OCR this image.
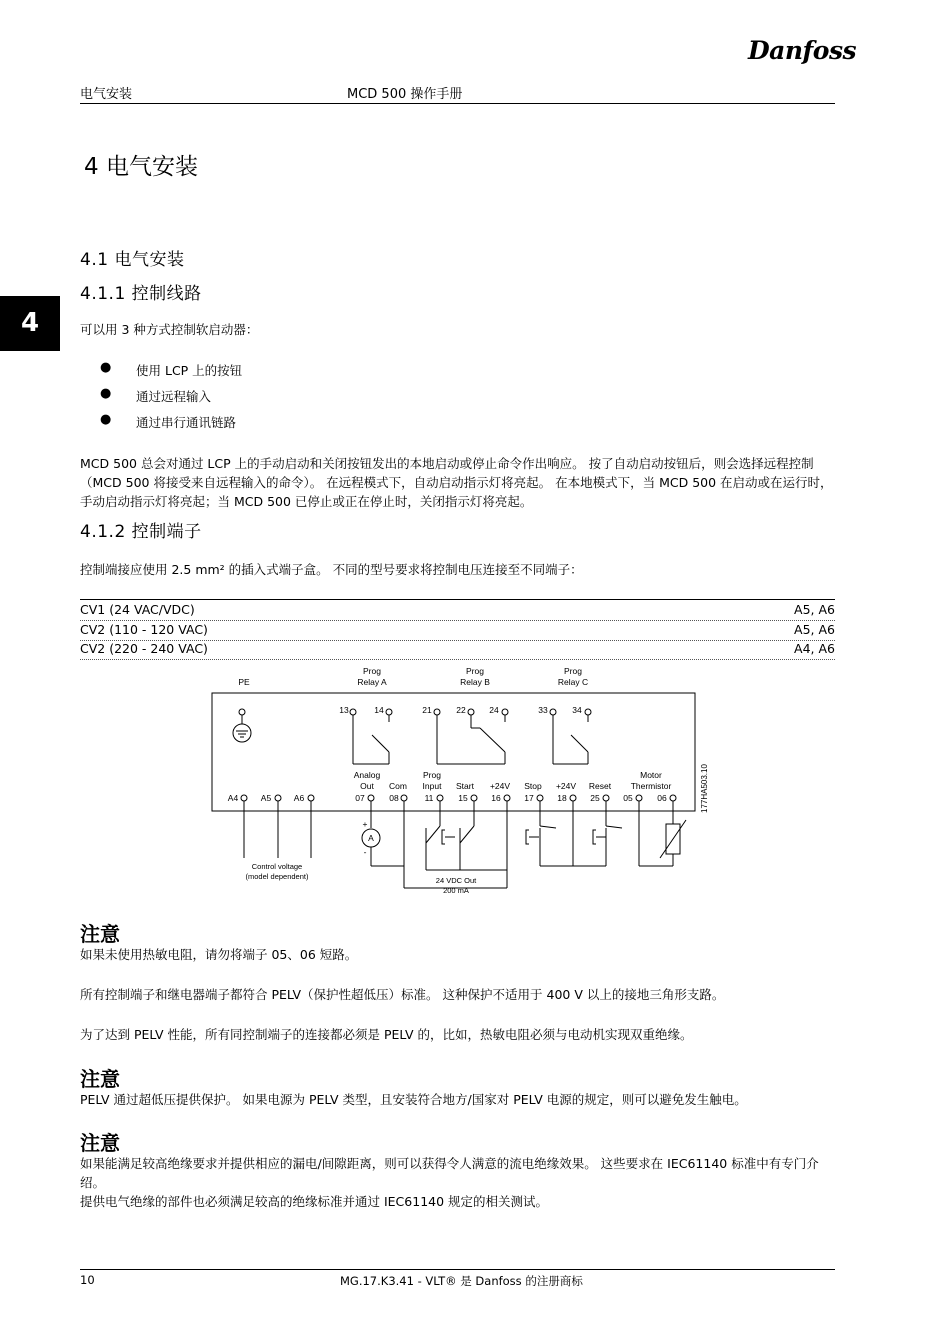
Danfoss
电气安装	MCD 500 操作手册
4
4 电气安装
4.1 电气安装
4.1.1 控制线路
可以用 3 种方式控制软启动器：
● 使用 LCP 上的按钮
● 通过远程输入
● 通过串行通讯链路
MCD 500 总会对通过 LCP 上的手动启动和关闭按钮发出的本地启动或停止命令作出响应。 按了自动启动按钮后，则会选择远程控制（MCD 500 将接受来自远程输入的命令）。 在远程模式下，自动启动指示灯将亮起。 在本地模式下，当 MCD 500 在启动或在运行时，手动启动指示灯将亮起；当 MCD 500 已停止或正在停止时，关闭指示灯将亮起。
4.1.2 控制端子
控制端接应使用 2.5 mm² 的插入式端子盒。 不同的型号要求将控制电压连接至不同端子：
CV1 (24 VAC/VDC)	A5, A6
CV2 (110 - 120 VAC)	A5, A6
CV2 (220 - 240 VAC)	A4, A6
PE
Prog
Relay A
Prog
Relay B
Prog
Relay C
13	14	21	22	24	33	34
Analog
Out Com
Prog
Input Start +24V Stop +24V Reset
Motor
Thermistor
A4	A5	A6	07	08	11	15	16	17	18	25	05	06
+
-
A
Control voltage
(model dependent)	24 VDC Out
200 mA
177HA503.10
注意
如果未使用热敏电阻，请勿将端子 05、06 短路。
所有控制端子和继电器端子都符合 PELV（保护性超低压）标准。 这种保护不适用于 400 V 以上的接地三角形支路。
为了达到 PELV 性能，所有同控制端子的连接都必须是 PELV 的，比如，热敏电阻必须与电动机实现双重绝缘。
注意
PELV 通过超低压提供保护。 如果电源为 PELV 类型，且安装符合地方/国家对 PELV 电源的规定，则可以避免发生触电。
注意
如果能满足较高绝缘要求并提供相应的漏电/间隙距离，则可以获得令人满意的流电绝缘效果。 这些要求在 IEC61140 标准中有专门介绍。
提供电气绝缘的部件也必须满足较高的绝缘标准并通过 IEC61140 规定的相关测试。
10	MG.17.K3.41 - VLT® 是 Danfoss 的注册商标
